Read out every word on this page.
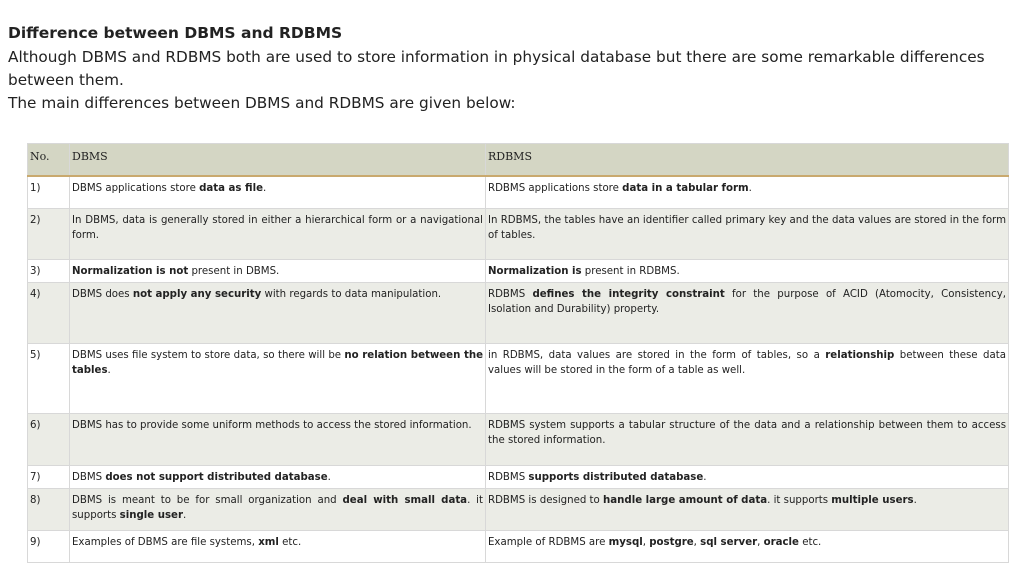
Difference between DBMS and RDBMS

Although DBMS and RDBMS both are used to store information in physical database but there are some remarkable differences between them.

The main differences between DBMS and RDBMS are given below:

No.	DBMS	RDBMS
1)	DBMS applications store data as file.	RDBMS applications store data in a tabular form.
2)	In DBMS, data is generally stored in either a hierarchical form or a navigational form.	In RDBMS, the tables have an identifier called primary key and the data values are stored in the form of tables.
3)	Normalization is not present in DBMS.	Normalization is present in RDBMS.
4)	DBMS does not apply any security with regards to data manipulation.	RDBMS defines the integrity constraint for the purpose of ACID (Atomocity, Consistency, Isolation and Durability) property.
5)	DBMS uses file system to store data, so there will be no relation between the tables.	in RDBMS, data values are stored in the form of tables, so a relationship between these data values will be stored in the form of a table as well.
6)	DBMS has to provide some uniform methods to access the stored information.	RDBMS system supports a tabular structure of the data and a relationship between them to access the stored information.
7)	DBMS does not support distributed database.	RDBMS supports distributed database.
8)	DBMS is meant to be for small organization and deal with small data. it supports single user.	RDBMS is designed to handle large amount of data. it supports multiple users.
9)	Examples of DBMS are file systems, xml etc.	Example of RDBMS are mysql, postgre, sql server, oracle etc.
